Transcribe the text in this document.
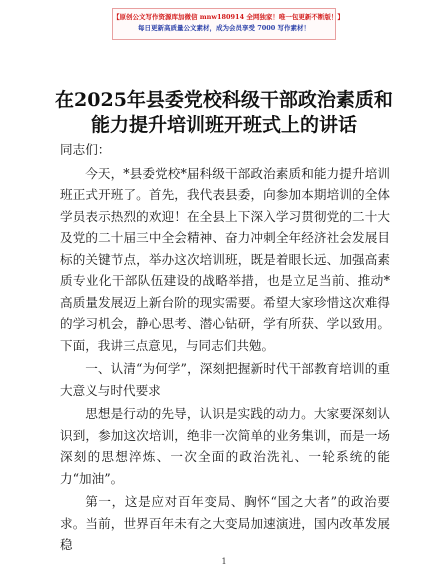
【原创公文写作资源库加微信 mnw180914 全网独家！唯一包更新不断版！】
每日更新高质量公文素材，成为会员享受 7000 写作素材！
在2025年县委党校科级干部政治素质和能力提升培训班开班式上的讲话

同志们：

今天，*县委党校*届科级干部政治素质和能力提升培训班正式开班了。首先，我代表县委，向参加本期培训的全体学员表示热烈的欢迎！在全县上下深入学习贯彻党的二十大及党的二十届三中全会精神、奋力冲刺全年经济社会发展目标的关键节点，举办这次培训班，既是着眼长远、加强高素质专业化干部队伍建设的战略举措，也是立足当前、推动*高质量发展迈上新台阶的现实需要。希望大家珍惜这次难得的学习机会，静心思考、潜心钻研，学有所获、学以致用。下面，我讲三点意见，与同志们共勉。

一、认清“为何学”，深刻把握新时代干部教育培训的重大意义与时代要求

思想是行动的先导，认识是实践的动力。大家要深刻认识到，参加这次培训，绝非一次简单的业务集训，而是一场深刻的思想淬炼、一次全面的政治洗礼、一轮系统的能力“加油”。

第一，这是应对百年变局、胸怀“国之大者”的政治要求。当前，世界百年未有之大变局加速演进，国内改革发展稳

1
